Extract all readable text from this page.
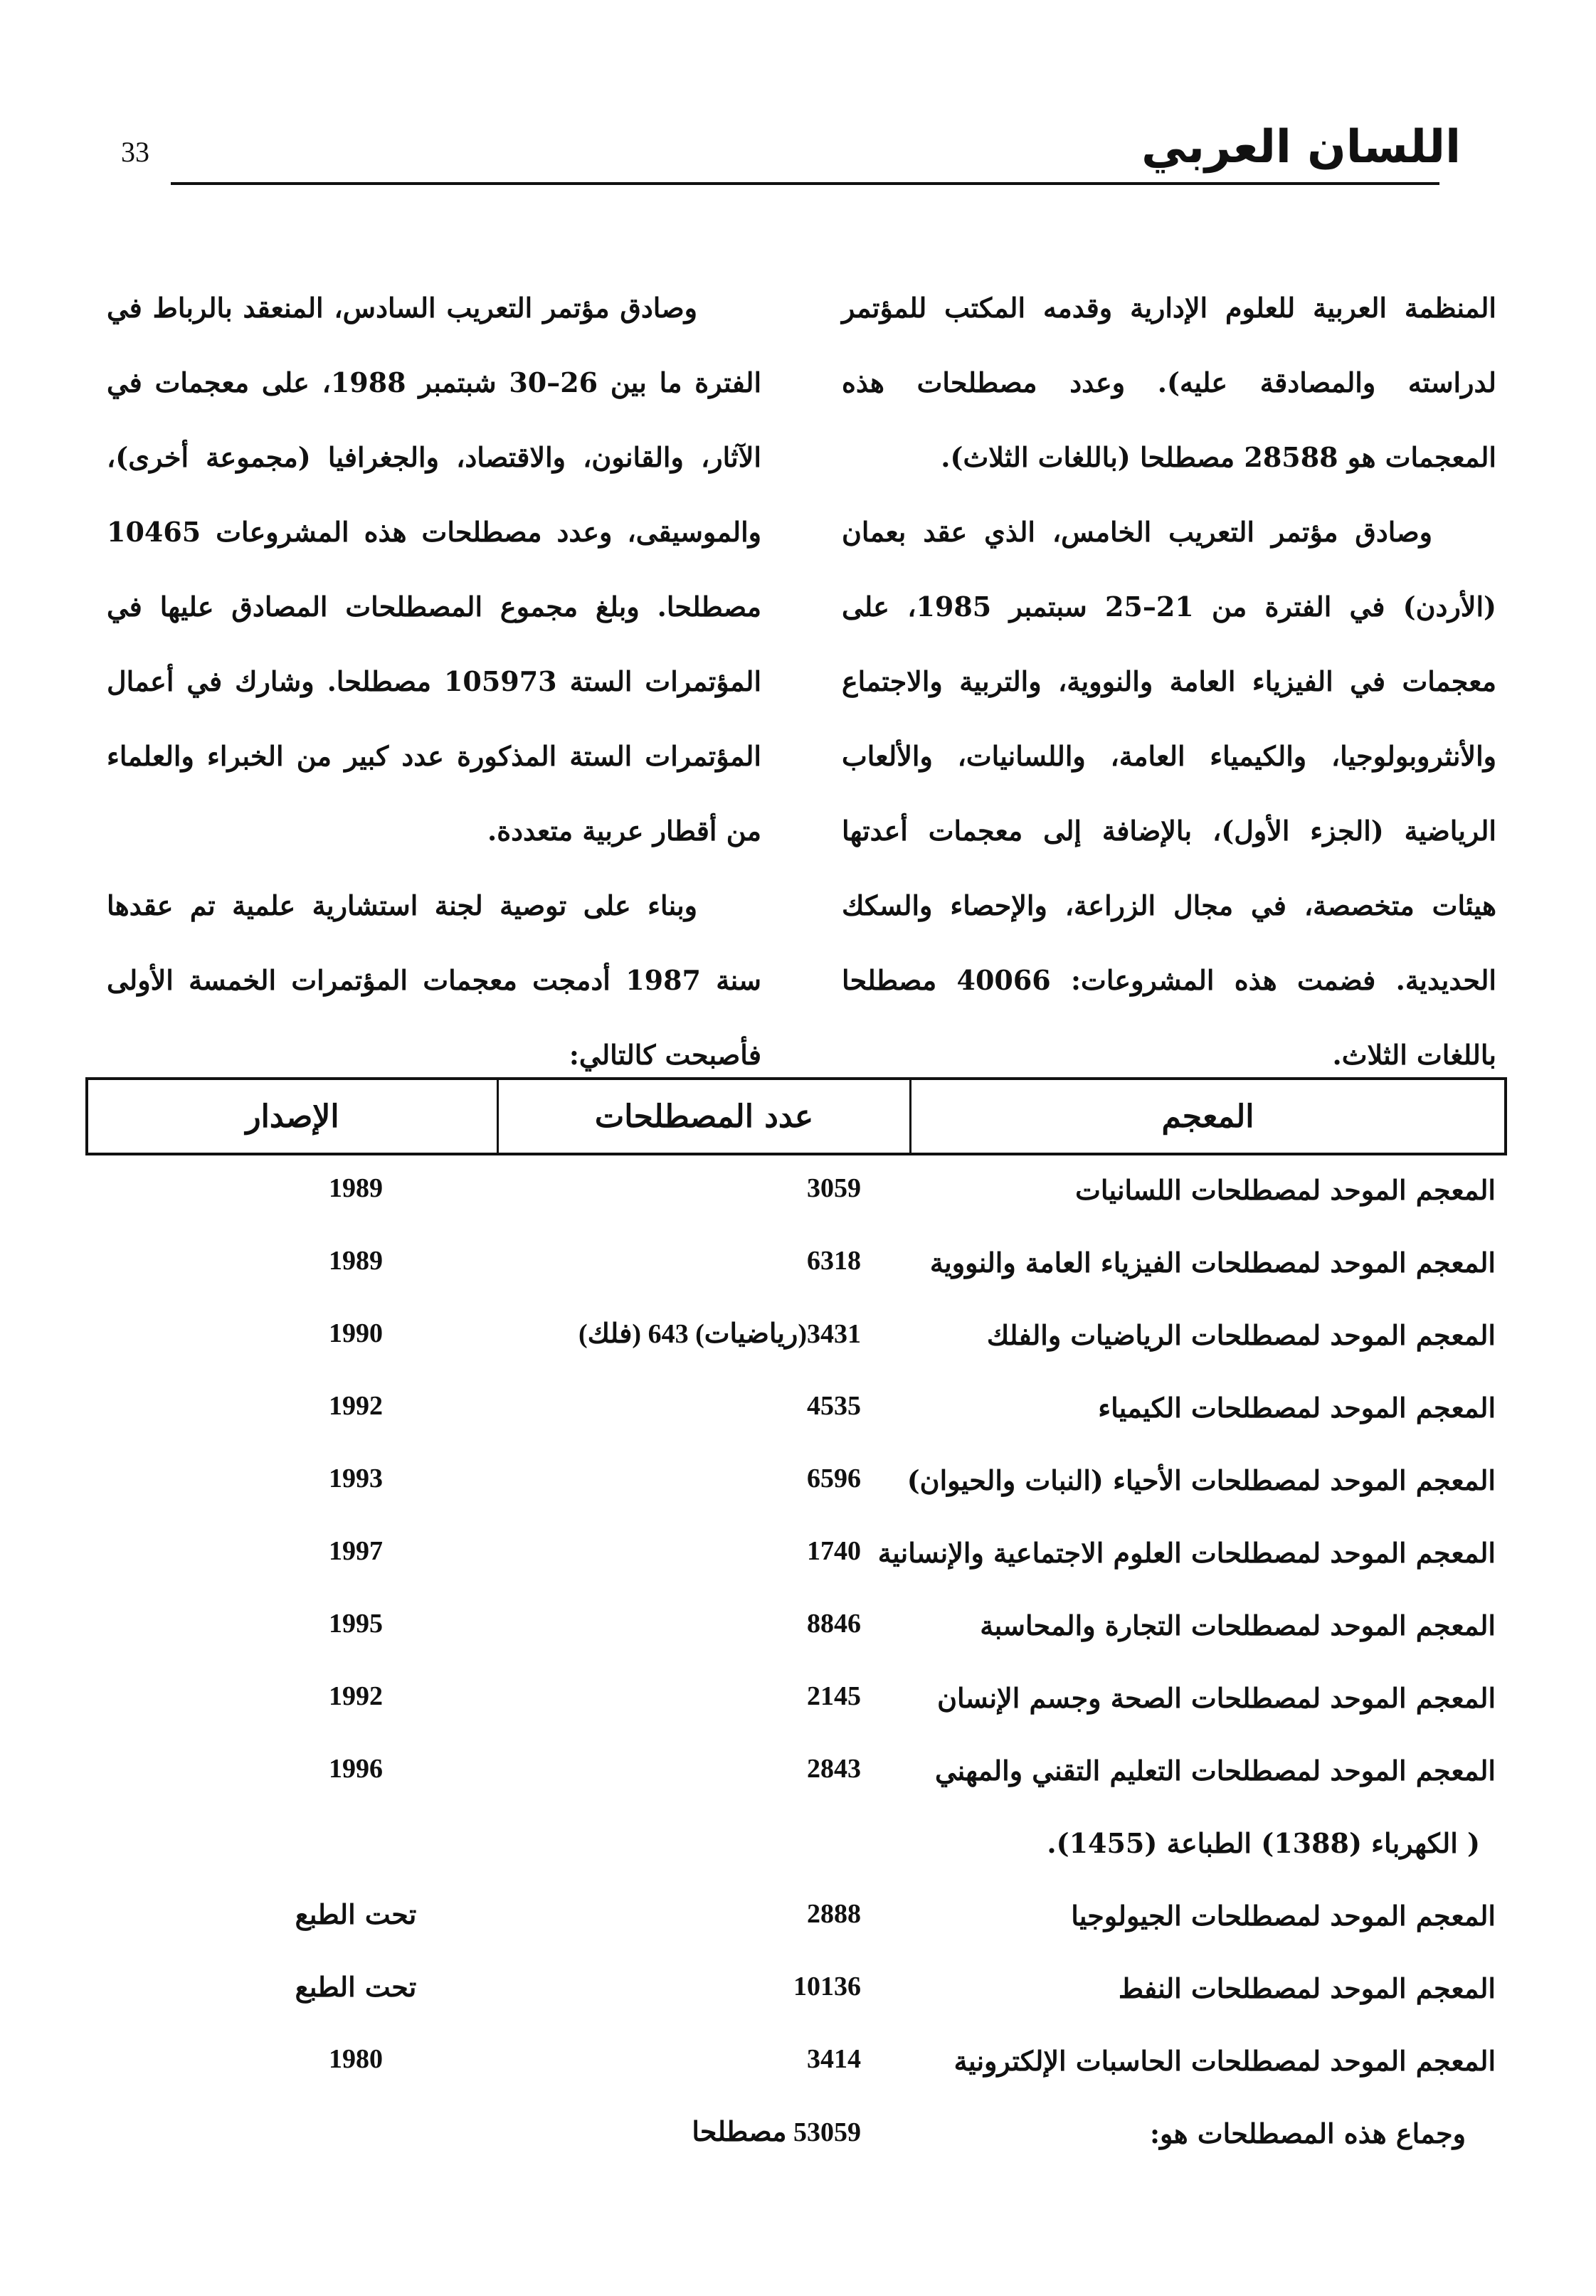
33	اللسان العربي

المنظمة العربية للعلوم الإدارية وقدمه المكتب للمؤتمر لدراسته والمصادقة عليه). وعدد مصطلحات هذه المعجمات هو 28588 مصطلحا (باللغات الثلاث).

وصادق مؤتمر التعريب الخامس، الذي عقد بعمان (الأردن) في الفترة من 21–25 سبتمبر 1985، على معجمات في الفيزياء العامة والنووية، والتربية والاجتماع والأنثروبولوجيا، والكيمياء العامة، واللسانيات، والألعاب الرياضية (الجزء الأول)، بالإضافة إلى معجمات أعدتها هيئات متخصصة، في مجال الزراعة، والإحصاء والسكك الحديدية. فضمت هذه المشروعات: 40066 مصطلحا باللغات الثلاث.

وصادق مؤتمر التعريب السادس، المنعقد بالرباط في الفترة ما بين 26–30 شبتمبر 1988، على معجمات في الآثار، والقانون، والاقتصاد، والجغرافيا (مجموعة أخرى)، والموسيقى، وعدد مصطلحات هذه المشروعات 10465 مصطلحا. وبلغ مجموع المصطلحات المصادق عليها في المؤتمرات الستة 105973 مصطلحا. وشارك في أعمال المؤتمرات الستة المذكورة عدد كبير من الخبراء والعلماء من أقطار عربية متعددة.

وبناء على توصية لجنة استشارية علمية تم عقدها سنة 1987 أدمجت معجمات المؤتمرات الخمسة الأولى فأصبحت كالتالي:

المعجم
عدد المصطلحات
الإصدار
المعجم الموحد لمصطلحات اللسانيات
3059
1989
المعجم الموحد لمصطلحات الفيزياء العامة والنووية
6318
1989
المعجم الموحد لمصطلحات الرياضيات والفلك
3431(رياضيات) 643 (فلك)
1990
المعجم الموحد لمصطلحات الكيمياء
4535
1992
المعجم الموحد لمصطلحات الأحياء (النبات والحيوان)
6596
1993
المعجم الموحد لمصطلحات العلوم الاجتماعية والإنسانية
1740
1997
المعجم الموحد لمصطلحات التجارة والمحاسبة
8846
1995
المعجم الموحد لمصطلحات الصحة وجسم الإنسان
2145
1992
المعجم الموحد لمصطلحات التعليم التقني والمهني
2843
1996
( الكهرباء (1388) الطباعة (1455).
المعجم الموحد لمصطلحات الجيولوجيا
2888
تحت الطبع
المعجم الموحد لمصطلحات النفط
10136
تحت الطبع
المعجم الموحد لمصطلحات الحاسبات الإلكترونية
3414
1980
وجماع هذه المصطلحات هو:
53059 مصطلحا
